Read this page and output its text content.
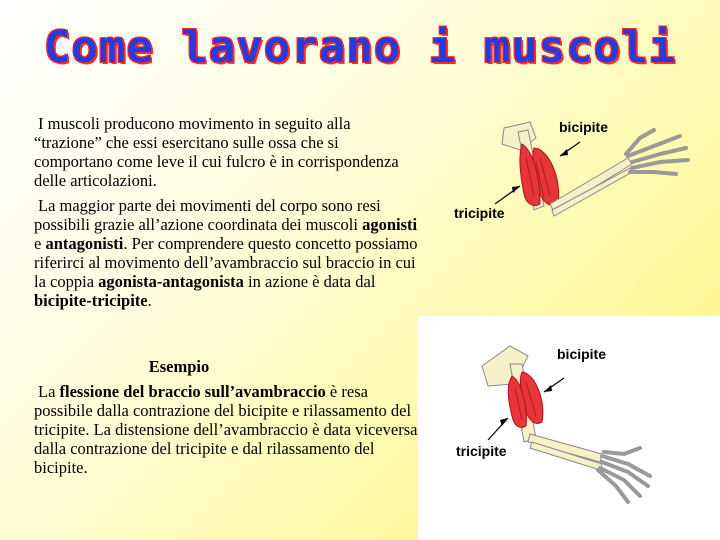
Come lavorano i muscoli

I muscoli producono movimento in seguito alla “trazione” che essi esercitano sulle ossa che si comportano come leve il cui fulcro è in corrispondenza delle articolazioni.

La maggior parte dei movimenti del corpo sono resi possibili grazie all’azione coordinata dei muscoli agonisti e antagonisti. Per comprendere questo concetto possiamo riferirci al movimento dell’avambraccio sul braccio in cui la coppia agonista-antagonista in azione è data dal bicipite-tricipite.

Esempio

La flessione del braccio sull’avambraccio è resa possibile dalla contrazione del bicipite e rilassamento del tricipite. La distensione dell’avambraccio è data viceversa dalla contrazione del tricipite e dal rilassamento del bicipite.

bicipite
tricipite
bicipite
tricipite
